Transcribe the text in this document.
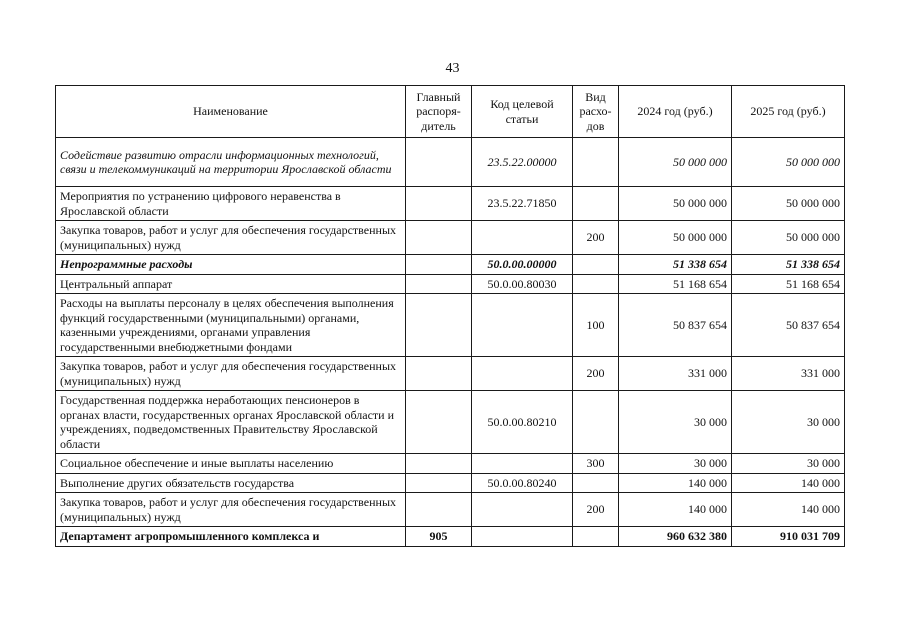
43
Наименование	Главный распоря-дитель	Код целевой статьи	Вид расхо-дов	2024 год (руб.)	2025 год (руб.)
Содействие развитию отрасли информационных технологий, связи и телекоммуникаций на территории Ярославской области		23.5.22.00000		50 000 000	50 000 000
Мероприятия по устранению цифрового неравенства в Ярославской области		23.5.22.71850		50 000 000	50 000 000
Закупка товаров, работ и услуг для обеспечения государственных (муниципальных) нужд			200	50 000 000	50 000 000
Непрограммные расходы		50.0.00.00000		51 338 654	51 338 654
Центральный аппарат		50.0.00.80030		51 168 654	51 168 654
Расходы на выплаты персоналу в целях обеспечения выполнения функций государственными (муниципальными) органами, казенными учреждениями, органами управления государственными внебюджетными фондами			100	50 837 654	50 837 654
Закупка товаров, работ и услуг для обеспечения государственных (муниципальных) нужд			200	331 000	331 000
Государственная поддержка неработающих пенсионеров в органах власти, государственных органах Ярославской области и учреждениях, подведомственных Правительству Ярославской области		50.0.00.80210		30 000	30 000
Социальное обеспечение и иные выплаты населению			300	30 000	30 000
Выполнение других обязательств государства		50.0.00.80240		140 000	140 000
Закупка товаров, работ и услуг для обеспечения государственных (муниципальных) нужд			200	140 000	140 000
Департамент агропромышленного комплекса и	905			960 632 380	910 031 709
